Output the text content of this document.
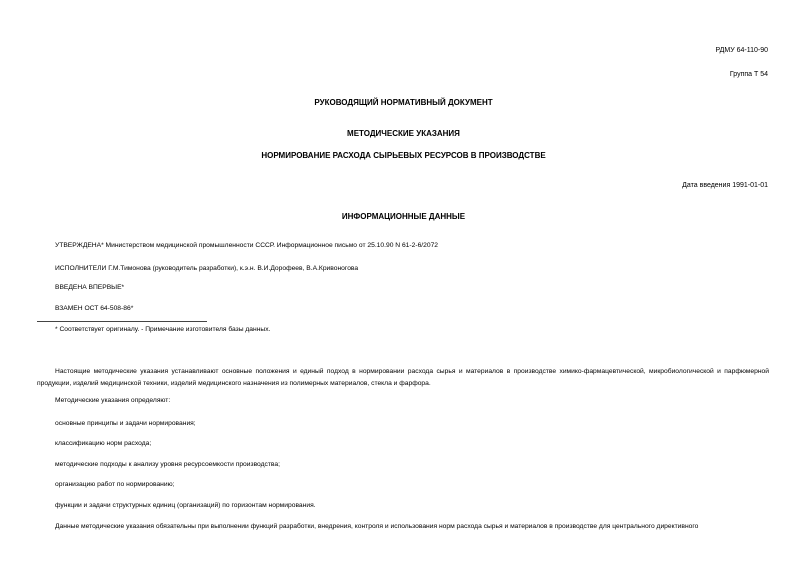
РДМУ 64-110-90
Группа Т 54
РУКОВОДЯЩИЙ НОРМАТИВНЫЙ ДОКУМЕНТ
МЕТОДИЧЕСКИЕ УКАЗАНИЯ
НОРМИРОВАНИЕ РАСХОДА СЫРЬЕВЫХ РЕСУРСОВ В ПРОИЗВОДСТВЕ
Дата введения 1991-01-01
ИНФОРМАЦИОННЫЕ ДАННЫЕ
УТВЕРЖДЕНА* Министерством медицинской промышленности СССР. Информационное письмо от 25.10.90 N 61-2-6/2072
ИСПОЛНИТЕЛИ Г.М.Тимонова (руководитель разработки), к.э.н. В.И.Дорофеев, В.А.Кривоногова
ВВЕДЕНА ВПЕРВЫЕ*
ВЗАМЕН ОСТ 64-508-86*
* Соответствует оригиналу. - Примечание изготовителя базы данных.
Настоящие методические указания устанавливают основные положения и единый подход в нормировании расхода сырья и материалов в производстве химико-фармацевтической, микробиологической и парфюмерной продукции, изделий медицинской техники, изделий медицинского назначения из полимерных материалов, стекла и фарфора.
Методические указания определяют:
основные принципы и задачи нормирования;
классификацию норм расхода;
методические подходы к анализу уровня ресурсоемкости производства;
организацию работ по нормированию;
функции и задачи структурных единиц (организаций) по горизонтам нормирования.
Данные методические указания обязательны при выполнении функций разработки, внедрения, контроля и использования норм расхода сырья и материалов в производстве для центрального директивного
